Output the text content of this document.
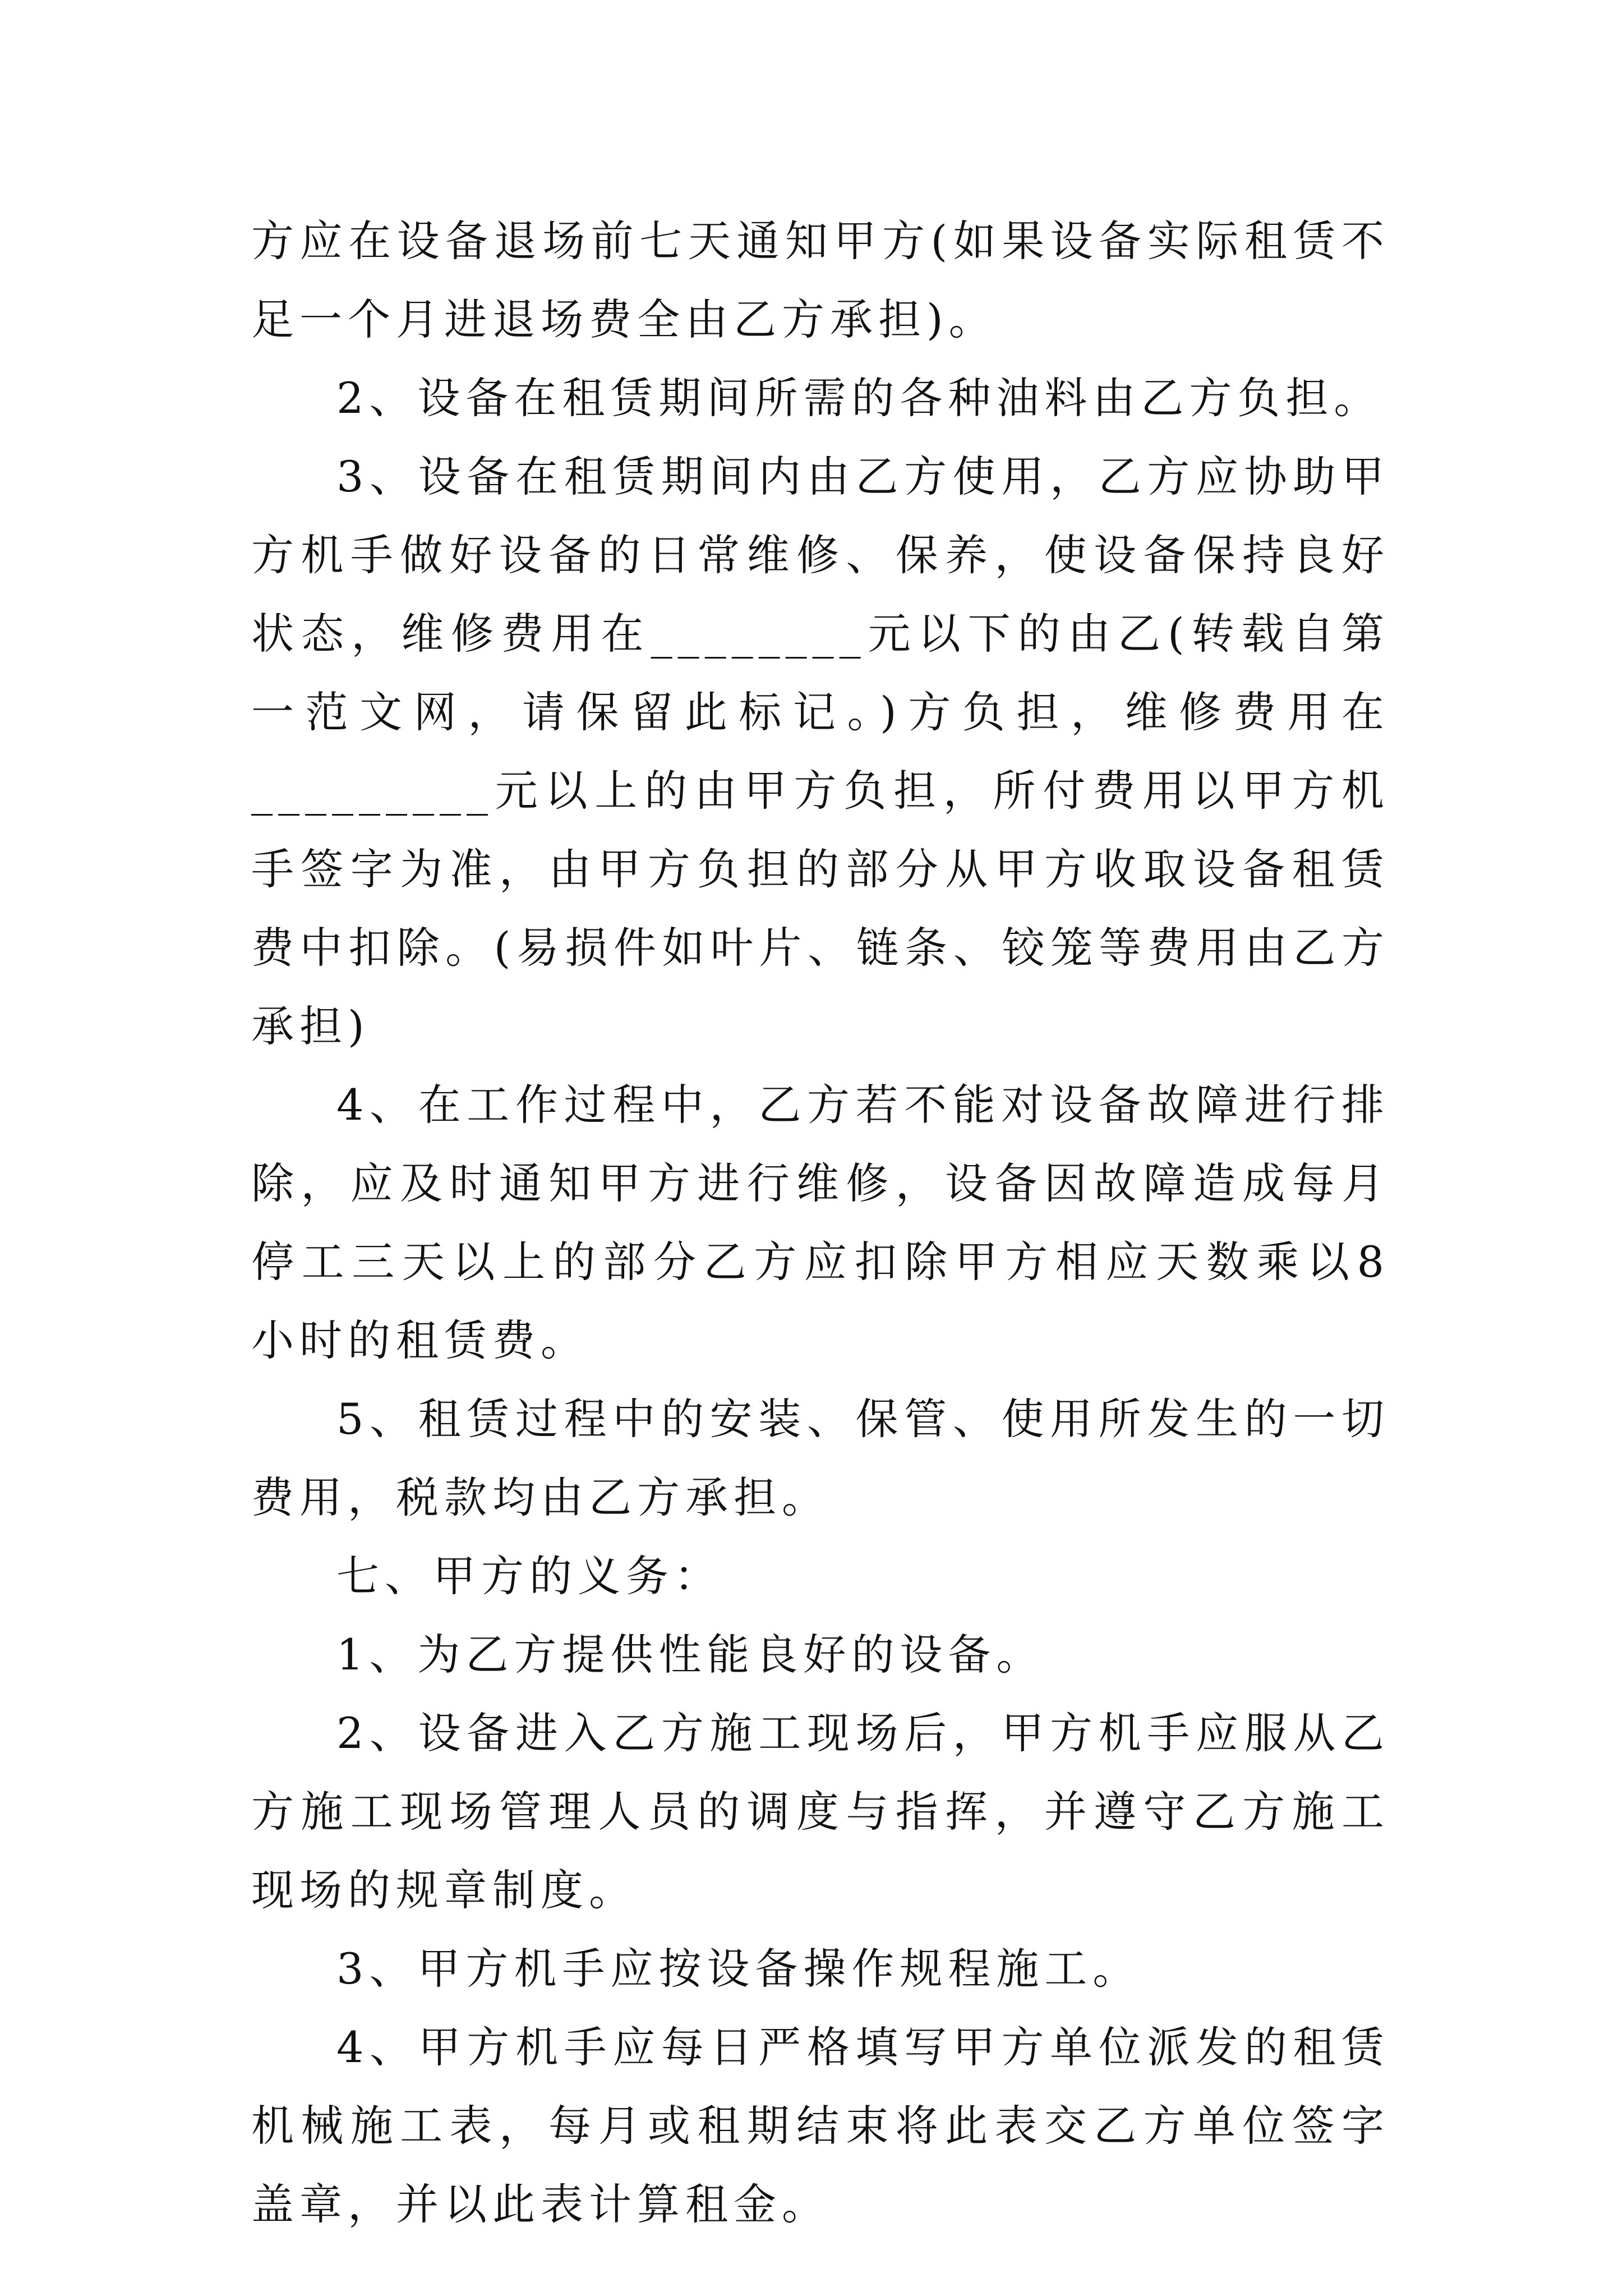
方应在设备退场前七天通知甲方(如果设备实际租赁不足一个月进退场费全由乙方承担)。

2、设备在租赁期间所需的各种油料由乙方负担。

3、设备在租赁期间内由乙方使用，乙方应协助甲方机手做好设备的日常维修、保养，使设备保持良好状态，维修费用在________元以下的由乙(转载自第一范文网，请保留此标记。)方负担，维修费用在_________元以上的由甲方负担，所付费用以甲方机手签字为准，由甲方负担的部分从甲方收取设备租赁费中扣除。(易损件如叶片、链条、铰笼等费用由乙方承担)

4、在工作过程中，乙方若不能对设备故障进行排除，应及时通知甲方进行维修，设备因故障造成每月停工三天以上的部分乙方应扣除甲方相应天数乘以8小时的租赁费。

5、租赁过程中的安装、保管、使用所发生的一切费用，税款均由乙方承担。

七、甲方的义务：

1、为乙方提供性能良好的设备。

2、设备进入乙方施工现场后，甲方机手应服从乙方施工现场管理人员的调度与指挥，并遵守乙方施工现场的规章制度。

3、甲方机手应按设备操作规程施工。

4、甲方机手应每日严格填写甲方单位派发的租赁机械施工表，每月或租期结束将此表交乙方单位签字盖章，并以此表计算租金。
